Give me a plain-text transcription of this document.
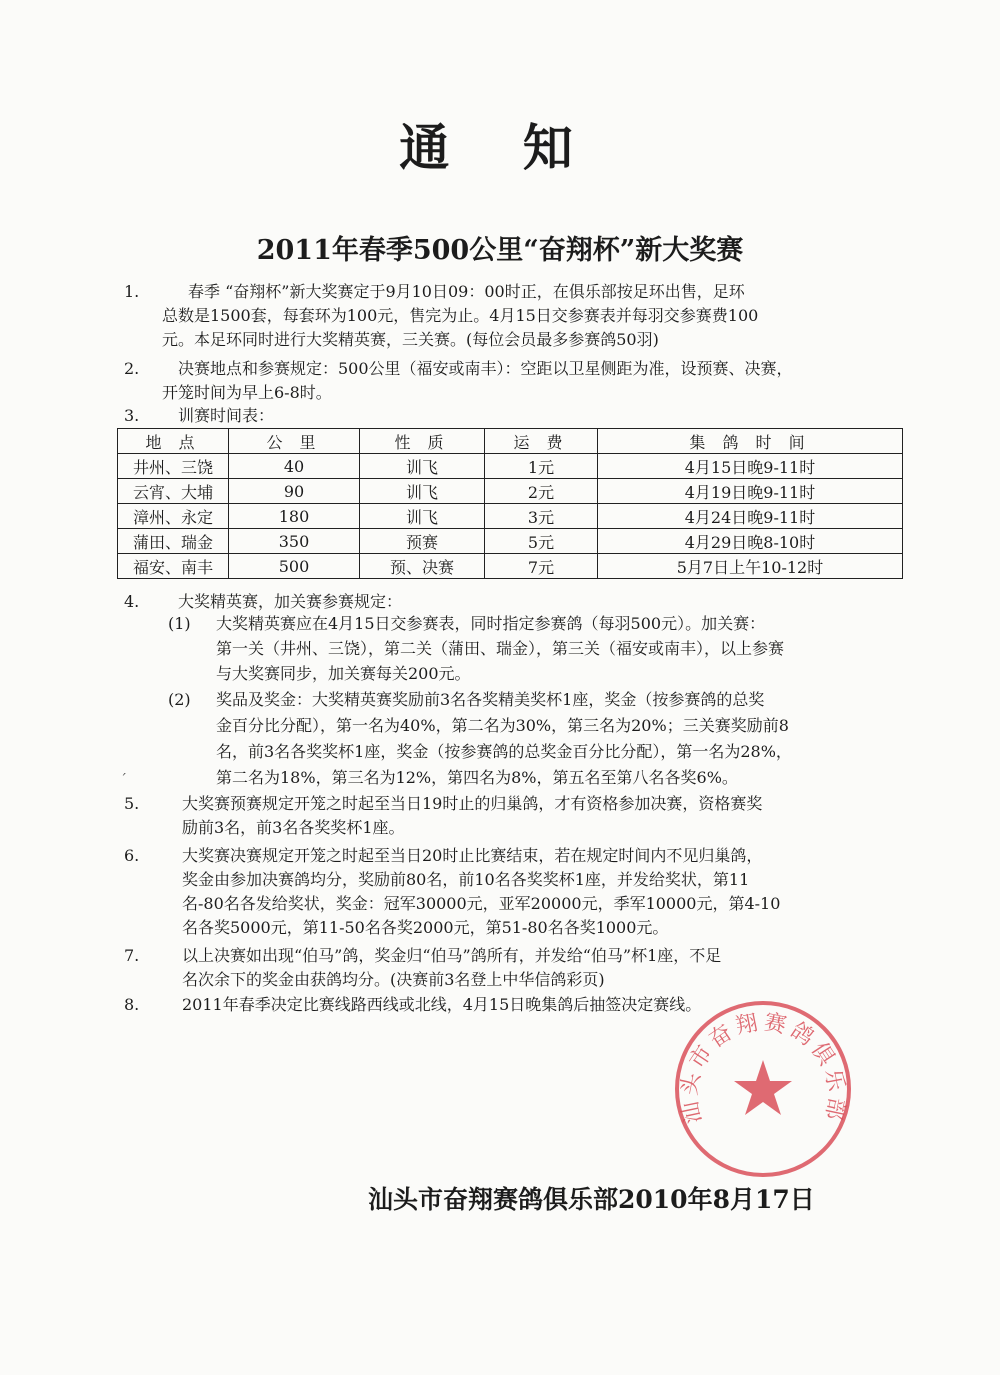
通 知
2011年春季500公里“奋翔杯”新大奖赛
1.	春季 “奋翔杯”新大奖赛定于9月10日09：00时正，在俱乐部按足环出售，足环
总数是1500套，每套环为100元，售完为止。4月15日交参赛表并每羽交参赛费100
元。本足环同时进行大奖精英赛，三关赛。(每位会员最多参赛鸽50羽)
2. 决赛地点和参赛规定：500公里（福安或南丰）：空距以卫星侧距为准，设预赛、决赛，
开笼时间为早上6-8时。
3. 训赛时间表：
地 点	公 里	性 质	运 费	集 鸽 时 间
井州、三饶	40	训飞	1元	4月15日晚9-11时
云宵、大埔	90	训飞	2元	4月19日晚9-11时
漳州、永定	180	训飞	3元	4月24日晚9-11时
蒲田、瑞金	350	预赛	5元	4月29日晚8-10时
福安、南丰	500	预、决赛	7元	5月7日上午10-12时
4. 大奖精英赛，加关赛参赛规定：
(1) 大奖精英赛应在4月15日交参赛表，同时指定参赛鸽（每羽500元）。加关赛：
第一关（井州、三饶），第二关（蒲田、瑞金），第三关（福安或南丰），以上参赛
与大奖赛同步，加关赛每关200元。
(2) 奖品及奖金：大奖精英赛奖励前3名各奖精美奖杯1座，奖金（按参赛鸽的总奖
金百分比分配），第一名为40%，第二名为30%，第三名为20%；三关赛奖励前8
名，前3名各奖奖杯1座，奖金（按参赛鸽的总奖金百分比分配），第一名为28%，
第二名为18%，第三名为12%，第四名为8%，第五名至第八名各奖6%。
ˊ
5.	大奖赛预赛规定开笼之时起至当日19时止的归巢鸽，才有资格参加决赛，资格赛奖
励前3名，前3名各奖奖杯1座。
6.	大奖赛决赛规定开笼之时起至当日20时止比赛结束，若在规定时间内不见归巢鸽，
奖金由参加决赛鸽均分，奖励前80名，前10名各奖奖杯1座，并发给奖状，第11
名-80名各发给奖状，奖金：冠军30000元，亚军20000元，季军10000元，第4-10
名各奖5000元，第11-50名各奖2000元，第51-80名各奖1000元。
7.	以上决赛如出现“伯马”鸽，奖金归“伯马”鸽所有，并发给“伯马”杯1座，不足
名次余下的奖金由获鸽均分。(决赛前3名登上中华信鸽彩页)
8.	2011年春季决定比赛线路西线或北线，4月15日晚集鸽后抽签决定赛线。
汕头市奋翔赛鸽俱乐部
汕头市奋翔赛鸽俱乐部2010年8月17日
